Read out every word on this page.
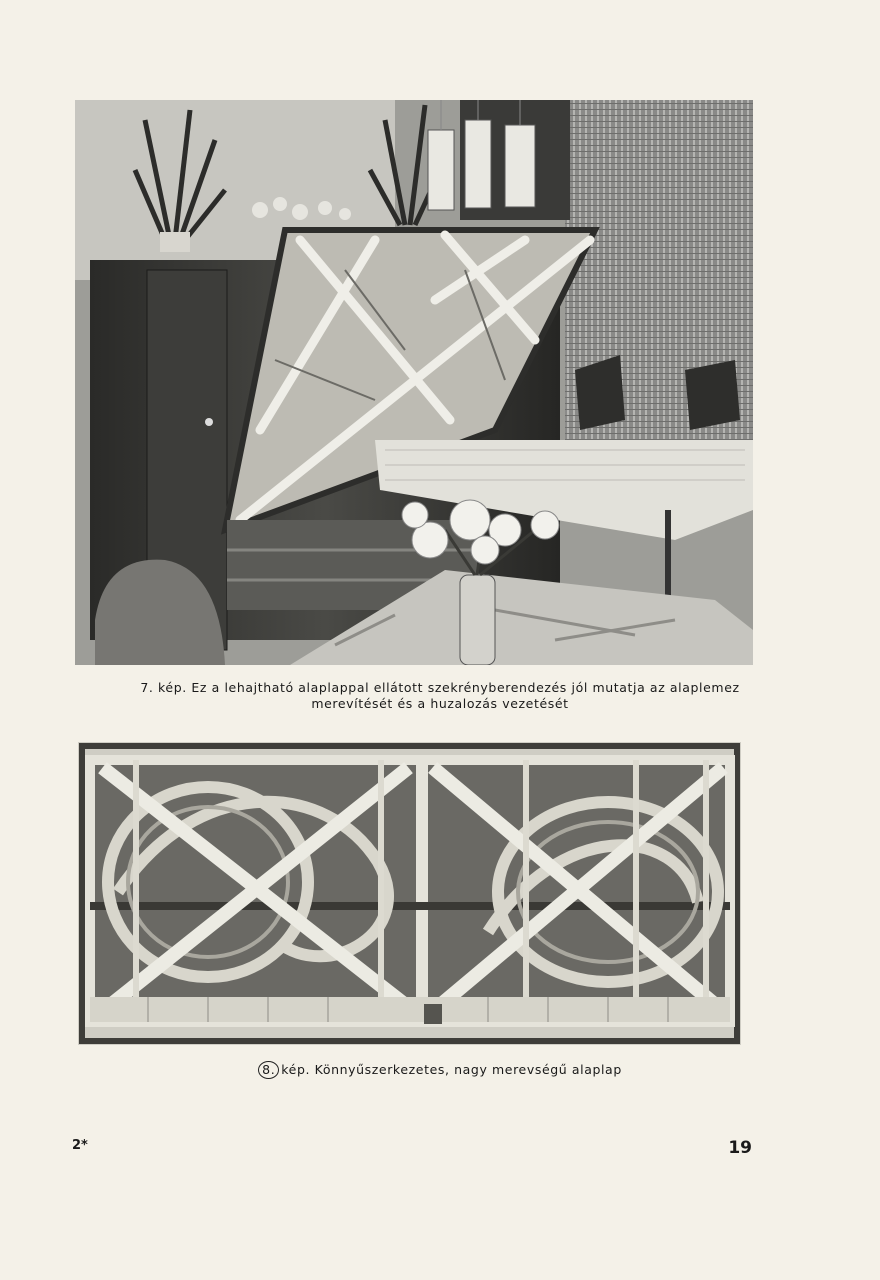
7. kép. Ez a lehajtható alaplappal ellátott szekrényberendezés jól mutatja az alaplemez
merevítését és a huzalozás vezetését
8. kép. Könnyűszerkezetes, nagy merevségű alaplap
2*	19
